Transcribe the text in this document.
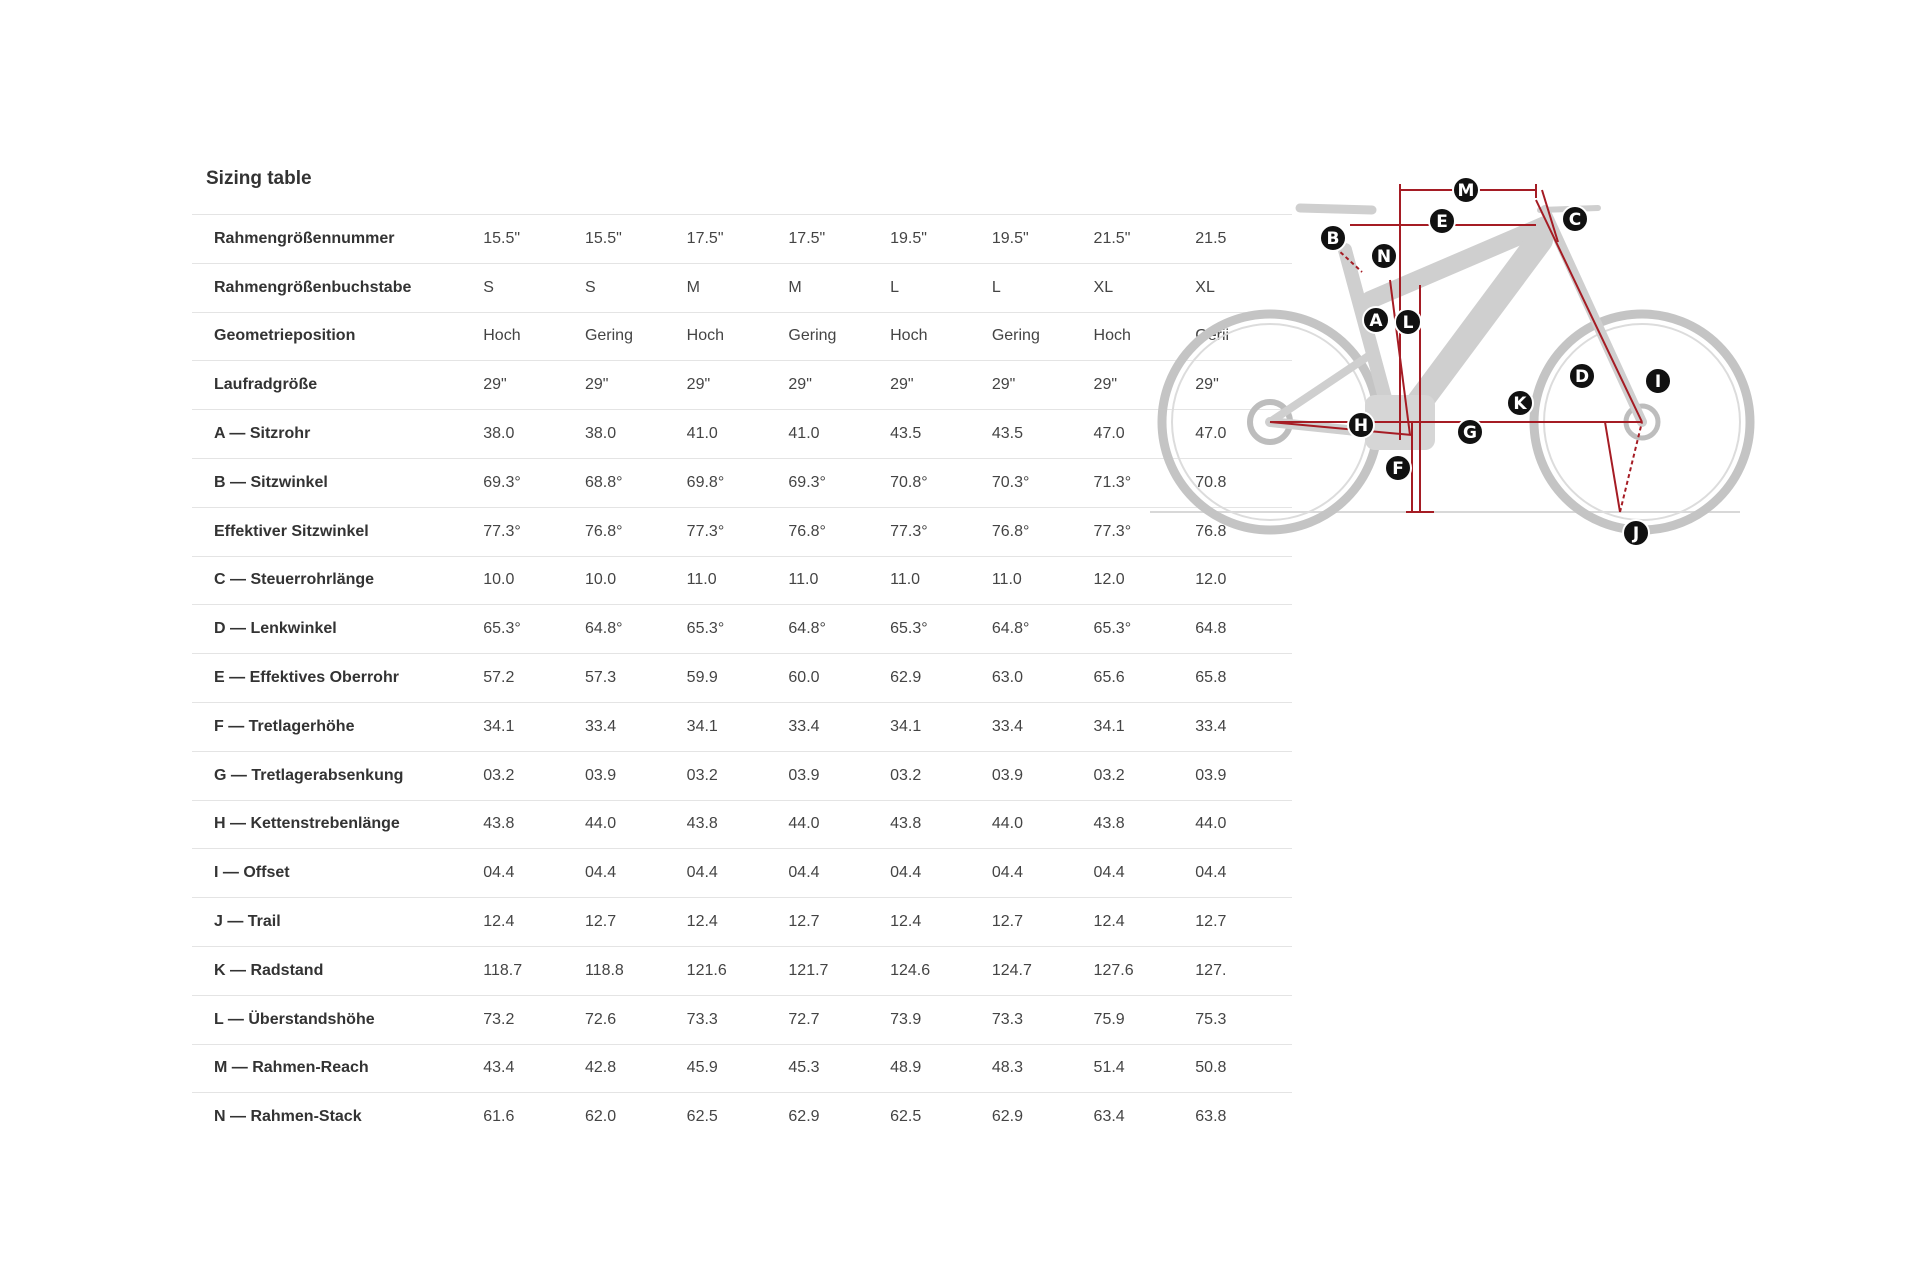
Sizing table
Rahmengrößennummer	15.5"	15.5"	17.5"	17.5"	19.5"	19.5"	21.5"	21.5
Rahmengrößenbuchstabe	S	S	M	M	L	L	XL	XL
Geometrieposition	Hoch	Gering	Hoch	Gering	Hoch	Gering	Hoch	Gerii
Laufradgröße	29"	29"	29"	29"	29"	29"	29"	29"
A — Sitzrohr	38.0	38.0	41.0	41.0	43.5	43.5	47.0	47.0
B — Sitzwinkel	69.3°	68.8°	69.8°	69.3°	70.8°	70.3°	71.3°	70.8
Effektiver Sitzwinkel	77.3°	76.8°	77.3°	76.8°	77.3°	76.8°	77.3°	76.8
C — Steuerrohrlänge	10.0	10.0	11.0	11.0	11.0	11.0	12.0	12.0
D — Lenkwinkel	65.3°	64.8°	65.3°	64.8°	65.3°	64.8°	65.3°	64.8
E — Effektives Oberrohr	57.2	57.3	59.9	60.0	62.9	63.0	65.6	65.8
F — Tretlagerhöhe	34.1	33.4	34.1	33.4	34.1	33.4	34.1	33.4
G — Tretlagerabsenkung	03.2	03.9	03.2	03.9	03.2	03.9	03.2	03.9
H — Kettenstrebenlänge	43.8	44.0	43.8	44.0	43.8	44.0	43.8	44.0
I — Offset	04.4	04.4	04.4	04.4	04.4	04.4	04.4	04.4
J — Trail	12.4	12.7	12.4	12.7	12.4	12.7	12.4	12.7
K — Radstand	118.7	118.8	121.6	121.7	124.6	124.7	127.6	127.
L — Überstandshöhe	73.2	72.6	73.3	72.7	73.9	73.3	75.9	75.3
M — Rahmen-Reach	43.4	42.8	45.9	45.3	48.9	48.3	51.4	50.8
N — Rahmen-Stack	61.6	62.0	62.5	62.9	62.5	62.9	63.4	63.8
A
B
C
D
E
F
G
H
I
J
K
L
M
N
